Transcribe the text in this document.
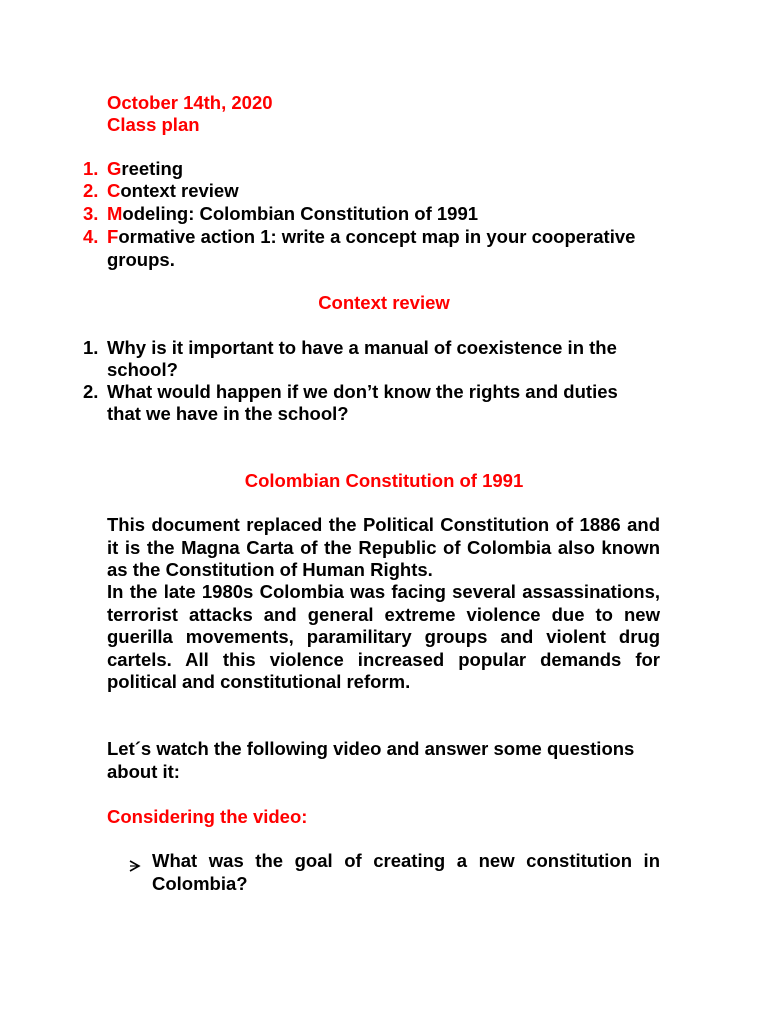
October 14th, 2020
Class plan
1. Greeting
2. Context review
3. Modeling: Colombian Constitution of 1991
4. Formative action 1: write a concept map in your cooperative
groups.
Context review
1. Why is it important to have a manual of coexistence in the
school?
2. What would happen if we don’t know the rights and duties
that we have in the school?
Colombian Constitution of 1991
This document replaced the Political Constitution of 1886 and it is the Magna Carta of the Republic of Colombia also known as the Constitution of Human Rights.
In the late 1980s Colombia was facing several assassinations, terrorist attacks and general extreme violence due to new guerilla movements, paramilitary groups and violent drug cartels. All this violence increased popular demands for political and constitutional reform.
Let´s watch the following video and answer some questions about it:
Considering the video:
What was the goal of creating a new constitution in Colombia?
